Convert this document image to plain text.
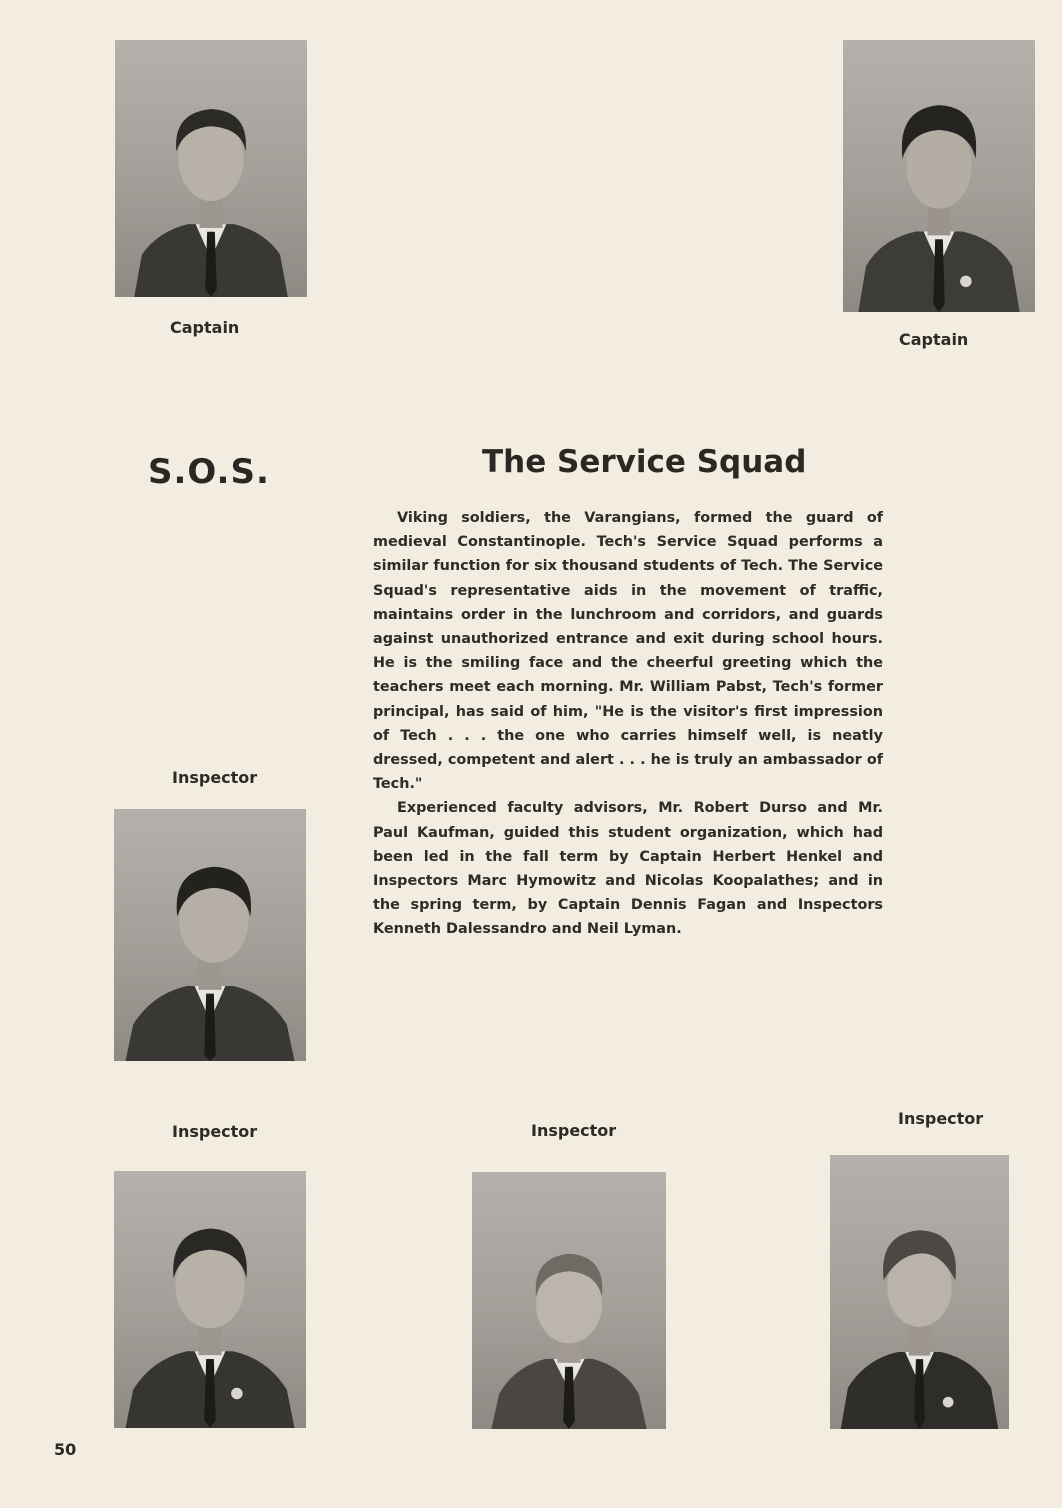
Captain
Captain
Inspector
Inspector	Inspector
Inspector
S.O.S.	The Service Squad

Viking soldiers, the Varangians, formed the guard of medieval Constantinople. Tech's Service Squad performs a similar function for six thousand students of Tech. The Service Squad's representative aids in the movement of traffic, maintains order in the lunchroom and corridors, and guards against unauthorized entrance and exit during school hours. He is the smiling face and the cheerful greeting which the teachers meet each morning. Mr. William Pabst, Tech's former principal, has said of him, "He is the visitor's first impression of Tech . . . the one who carries himself well, is neatly dressed, competent and alert . . . he is truly an ambassador of Tech."

Experienced faculty advisors, Mr. Robert Durso and Mr. Paul Kaufman, guided this student organization, which had been led in the fall term by Captain Herbert Henkel and Inspectors Marc Hymowitz and Nicolas Koopalathes; and in the spring term, by Captain Dennis Fagan and Inspectors Kenneth Dalessandro and Neil Lyman.

50
